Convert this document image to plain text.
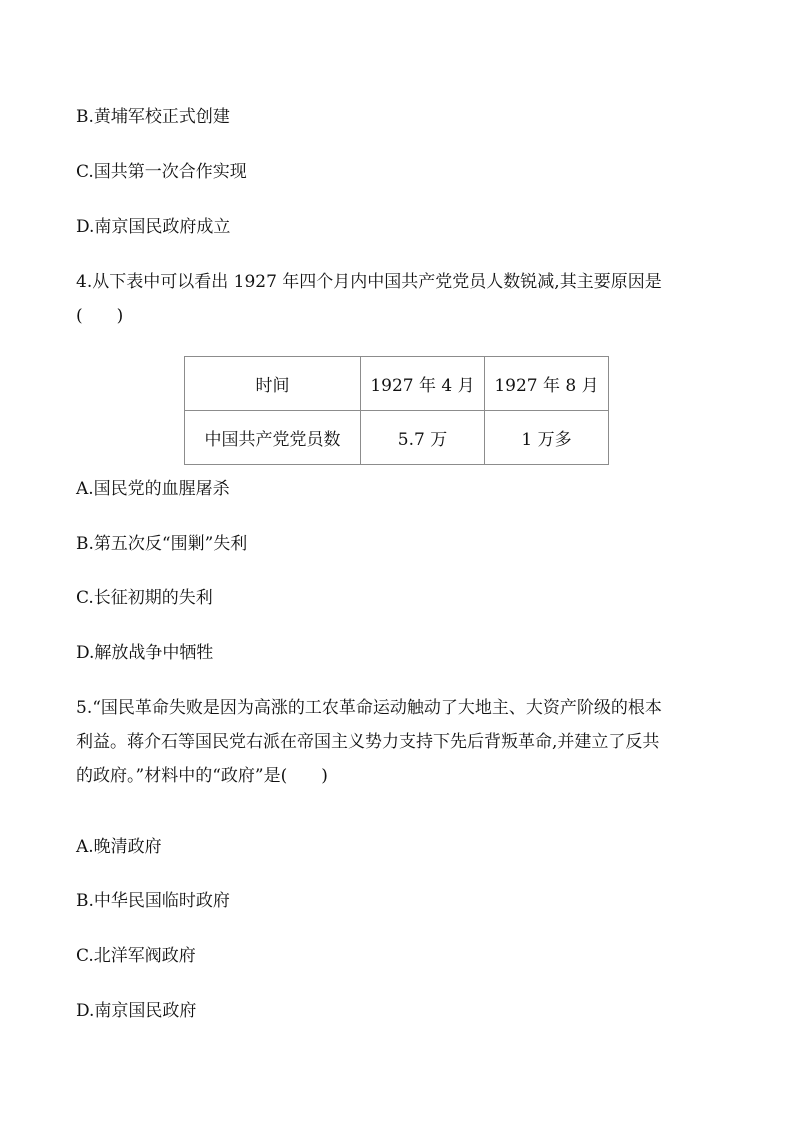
B.黄埔军校正式创建
C.国共第一次合作实现
D.南京国民政府成立
4.从下表中可以看出 1927 年四个月内中国共产党党员人数锐减,其主要原因是
(　　)
时间	1927 年 4 月	1927 年 8 月
中国共产党党员数	5.7 万	1 万多
A.国民党的血腥屠杀
B.第五次反“围剿”失利
C.长征初期的失利
D.解放战争中牺牲
5.“国民革命失败是因为高涨的工农革命运动触动了大地主、大资产阶级的根本
利益。蒋介石等国民党右派在帝国主义势力支持下先后背叛革命,并建立了反共
的政府。”材料中的“政府”是(　　)
A.晚清政府
B.中华民国临时政府
C.北洋军阀政府
D.南京国民政府
